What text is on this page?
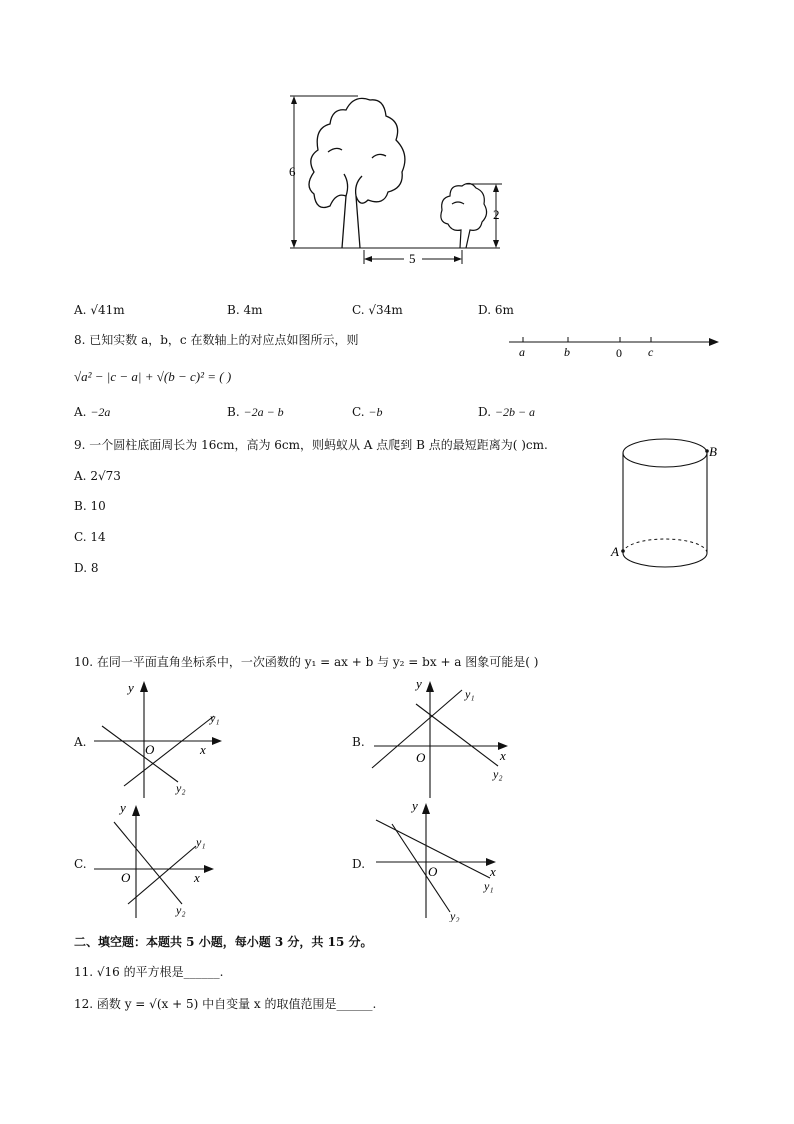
6
2
5
A. √41m	B. 4m	C. √34m	D. 6m
8. 已知实数 a，b，c 在数轴上的对应点如图所示，则
a	b	0 c
√a² − |c − a| + √(b − c)² = ( )
A. −2a	B. −2a − b	C. −b	D. −2b − a
9. 一个圆柱底面周长为 16cm，高为 6cm，则蚂蚁从 A 点爬到 B 点的最短距离为( )cm.
A. 2√73
B. 10
C. 14
D. 8
B
A
10. 在同一平面直角坐标系中，一次函数的 y₁ = ax + b 与 y₂ = bx + a 图象可能是( )
A.
y
x
O
y₁
y₂
B.
y
x
O
y₁
y₂
C.
y
x
O
y₁
y₂
D.
y
x
O
y₁
y₂
二、填空题：本题共 5 小题，每小题 3 分，共 15 分。
11. √16 的平方根是______.
12. 函数 y = √(x + 5) 中自变量 x 的取值范围是______.
